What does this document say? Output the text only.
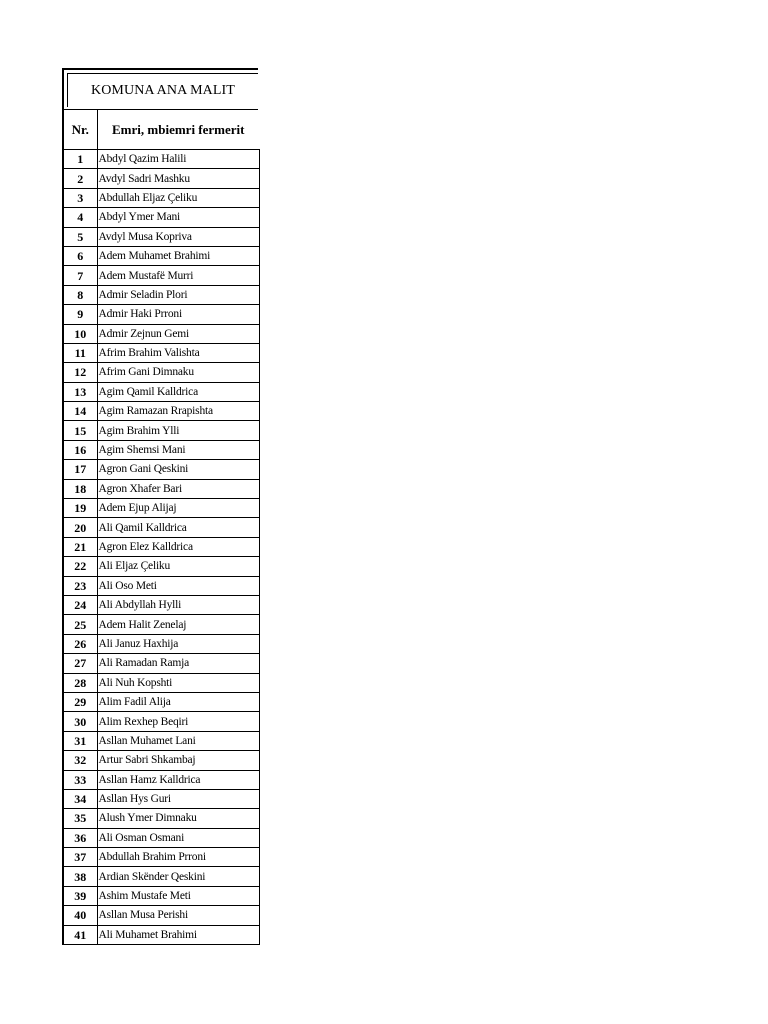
KOMUNA ANA MALIT
Nr.	Emri, mbiemri fermerit
1	Abdyl Qazim Halili
2	Avdyl Sadri Mashku
3	Abdullah Eljaz Çeliku
4	Abdyl Ymer Mani
5	Avdyl Musa Kopriva
6	Adem Muhamet Brahimi
7	Adem Mustafë Murri
8	Admir Seladin Plori
9	Admir Haki Prroni
10	Admir Zejnun Gemi
11	Afrim Brahim Valishta
12	Afrim Gani Dimnaku
13	Agim Qamil Kalldrica
14	Agim Ramazan Rrapishta
15	Agim Brahim Ylli
16	Agim Shemsi Mani
17	Agron Gani Qeskini
18	Agron Xhafer Bari
19	Adem Ejup Alijaj
20	Ali Qamil Kalldrica
21	Agron Elez Kalldrica
22	Ali Eljaz Çeliku
23	Ali Oso Meti
24	Ali Abdyllah Hylli
25	Adem Halit Zenelaj
26	Ali Januz Haxhija
27	Ali Ramadan Ramja
28	Ali Nuh Kopshti
29	Alim Fadil Alija
30	Alim Rexhep Beqiri
31	Asllan Muhamet Lani
32	Artur Sabri Shkambaj
33	Asllan Hamz Kalldrica
34	Asllan Hys Guri
35	Alush Ymer Dimnaku
36	Ali Osman Osmani
37	Abdullah Brahim Prroni
38	Ardian Skënder Qeskini
39	Ashim Mustafe Meti
40	Asllan Musa Perishi
41	Ali Muhamet Brahimi
